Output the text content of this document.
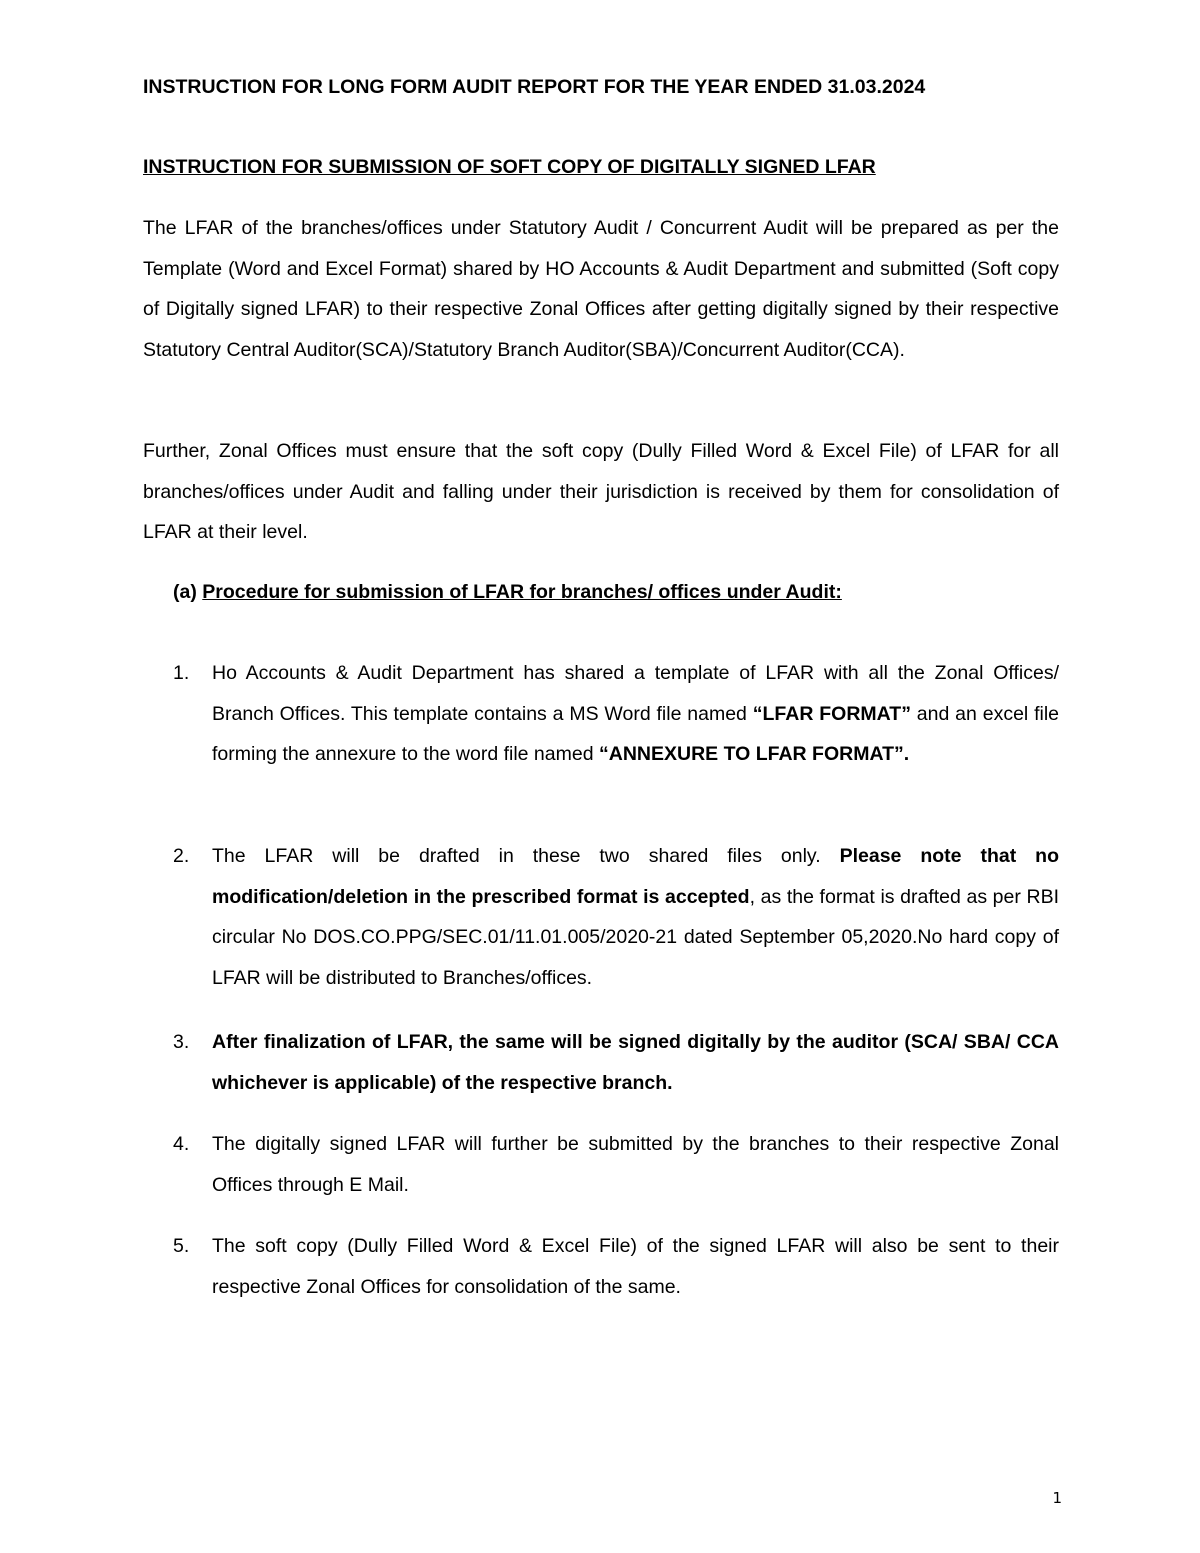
INSTRUCTION FOR LONG FORM AUDIT REPORT FOR THE YEAR ENDED 31.03.2024
INSTRUCTION FOR SUBMISSION OF SOFT COPY OF DIGITALLY SIGNED LFAR

The LFAR of the branches/offices under Statutory Audit / Concurrent Audit will be prepared as per the Template (Word and Excel Format) shared by HO Accounts & Audit Department and submitted (Soft copy of Digitally signed LFAR) to their respective Zonal Offices after getting digitally signed by their respective Statutory Central Auditor(SCA)/Statutory Branch Auditor(SBA)/Concurrent Auditor(CCA).

Further, Zonal Offices must ensure that the soft copy (Dully Filled Word & Excel File) of LFAR for all branches/offices under Audit and falling under their jurisdiction is received by them for consolidation of LFAR at their level.

(a) Procedure for submission of LFAR for branches/ offices under Audit:
1.	Ho Accounts & Audit Department has shared a template of LFAR with all the Zonal Offices/ Branch Offices. This template contains a MS Word file named “LFAR FORMAT” and an excel file forming the annexure to the word file named “ANNEXURE TO LFAR FORMAT”.
2.	The LFAR will be drafted in these two shared files only. Please note that no modification/deletion in the prescribed format is accepted, as the format is drafted as per RBI circular No DOS.CO.PPG/SEC.01/11.01.005/2020-21 dated September 05,2020.No hard copy of LFAR will be distributed to Branches/offices.
3.	After finalization of LFAR, the same will be signed digitally by the auditor (SCA/ SBA/ CCA whichever is applicable) of the respective branch.
4.	The digitally signed LFAR will further be submitted by the branches to their respective Zonal Offices through E Mail.
5.	The soft copy (Dully Filled Word & Excel File) of the signed LFAR will also be sent to their respective Zonal Offices for consolidation of the same.
1
